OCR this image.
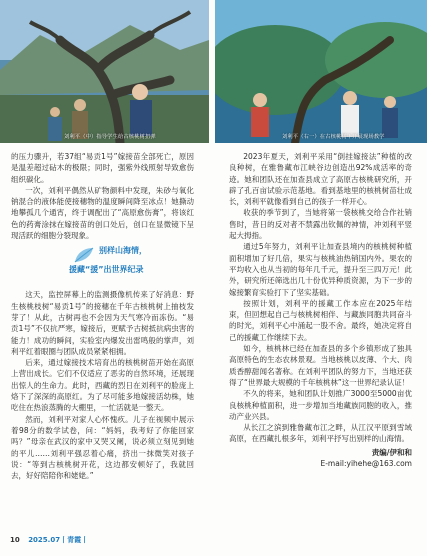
刘利平（中）指导学生给古核桃树扭弹	刘利平（右一）在古核桃树下开展现场教学

的压力骤升，若37组“易贡1号”嫁接苗全部死亡，原因是温差超过砧木的极限；同时，强紫外线照射导致愈伤组织碳化。

一次，刘利平偶然从矿物颜料中发现，朱砂与氧化钠混合的液体能使接穗物的温度瞬间降至冰点！她撕动地攀孤几个通宵，终于调配出了“高原愈伤膏”，将该红色的药膏涂抹在嫁接苗的创口处后，创口在显微镜下呈现活跃的细胞分裂现象。

别样山海情，
援藏“援”出世界纪录

这天，监控屏幕上的监测摄像机传来了好消息：野生核桃枝树“易贡1号”的接穗在千年古核桃树上抽枝发芽了！从此，古树再也不会因为天气寒冷而冻伤。“易贡1号”不仅抗严寒，嫁接后，更赋予古树抵抗病虫害的能力！成功的瞬间，实验室内爆发出雷鸣般的掌声，刘利平红着眼圈与团队成员紧紧相拥。

后来，通过嫁接技术培育出的核桃树苗开始在高原上营出成长。它们不仅适应了恶劣的自然环境，还展现出惊人的生命力。此时，西藏的烈日在刘利平的脸庞上烙下了深深的高原红。为了尽可能多地嫁接活幼株，她吃住在热浪蒸腾的大棚里，一忙活就是一整天。

然而，刘利平对家人心怀愧疚。儿子在视频中展示着98分的数学试卷，问：“妈妈，我考好了你能回家吗？”母亲在武汉的家中又哭又阑，说必须立刻见到她的平儿……刘利平强忍着心痛，挤出一抹微笑对孩子说：“等到古核桃树开花，这边都安顿好了，我就回去，好好陪陪你和姥姥。”

2023年夏天，刘利平采用“倒挂嫁接法”种植的改良种树，在雅鲁藏布江峡谷边创造出92%成活率的奇迹。她和团队还在加查县成立了高原古核桃研究所，开辟了孔百亩试验示范基地。看到基地里的核桃树苗壮成长，刘利平就像看到自己的孩子一样开心。

收获的季节到了，当她将第一袋核桃交给合作社销售时，昔日的反对者不禁露出钦佩的神情，冲刘利平竖起大拇指。

通过5年努力，刘利平让加查县境内的核桃树种植面积增加了好几倍，果实与核桃油热销国内外。果农的平均收入也从当初的每年几千元，提升至三四万元！此外，研究所还筛选出几十份优异种质资源，为下一步的嫁接繁育实验打下了坚实基础。

按照计划，刘利平的援藏工作本应在2025年结束，但回想起自己与核桃树相伴、与藏族同胞共同奋斗的时光，刘利平心中涌起一股不舍。最终，她决定将自己的援藏工作继续下去。

如今，核桃林已经在加查县的多个乡镇形成了独具高原特色的生态农林景观。当地核桃以皮薄、个大、肉质香醇甜闻名著称。在刘利平团队的努力下，当地还获得了“世界最大规模的千年核桃林”这一世界纪录认证！

不久的将来，她和团队计划推广3000至5000亩优良核桃种植面积，进一步增加当地藏族同胞的收入，推动产业兴县。

从长江之滨到雅鲁藏布江之畔，从江汉平原到雪域高原，在西藏扎根多年，刘利平抒写出别样的山海情。

责编/伊和和
E-mail:yihehe@163.com
10 2025.07丨青霞丨
